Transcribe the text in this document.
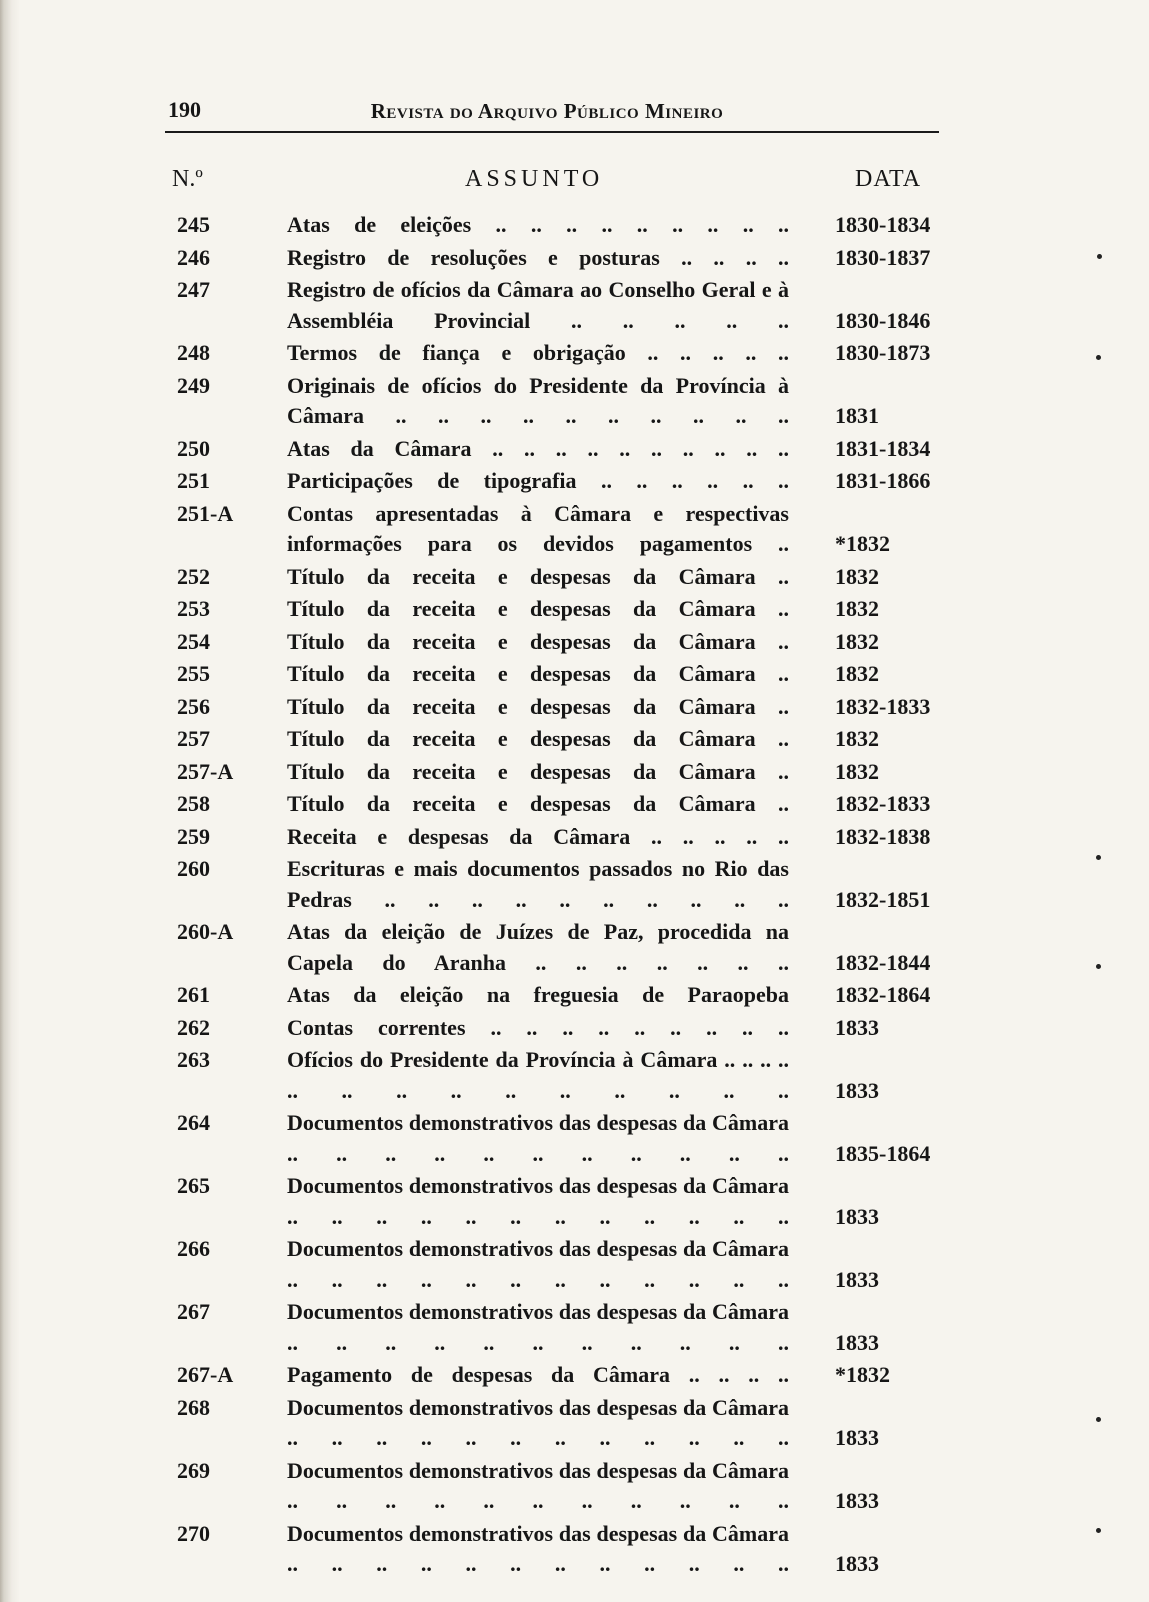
190	Revista do Arquivo Público Mineiro
N.º	ASSUNTO	DATA
245	Atas de eleições .. .. .. .. .. .. .. .. .. 1830-1834
246	Registro de resoluções e posturas .. .. .. .. 1830-1837
247	Registro de ofícios da Câmara ao Conselho Geral e à Assembléia Provincial .. .. .. .. .. 1830-1846
248	Termos de fiança e obrigação .. .. .. .. .. 1830-1873
249	Originais de ofícios do Presidente da Província à Câmara .. .. .. .. .. .. .. .. .. .. 1831
250	Atas da Câmara .. .. .. .. .. .. .. .. .. .. 1831-1834
251	Participações de tipografia .. .. .. .. .. .. 1831-1866
251-A Contas apresentadas à Câmara e respectivas informações para os devidos pagamentos .. *1832
252	Título da receita e despesas da Câmara .. 1832
253	Título da receita e despesas da Câmara .. 1832
254	Título da receita e despesas da Câmara .. 1832
255	Título da receita e despesas da Câmara .. 1832
256	Título da receita e despesas da Câmara .. 1832-1833
257	Título da receita e despesas da Câmara .. 1832
257-A Título da receita e despesas da Câmara .. 1832
258	Título da receita e despesas da Câmara .. 1832-1833
259	Receita e despesas da Câmara .. .. .. .. .. 1832-1838
260	Escrituras e mais documentos passados no Rio das Pedras .. .. .. .. .. .. .. .. .. .. 1832-1851
260-A Atas da eleição de Juízes de Paz, procedida na Capela do Aranha .. .. .. .. .. .. .. 1832-1844
261	Atas da eleição na freguesia de Paraopeba 1832-1864
262	Contas correntes .. .. .. .. .. .. .. .. .. 1833
263	Ofícios do Presidente da Província à Câmara .. .. .. .. .. .. .. .. .. .. .. .. .. .. 1833
264	Documentos demonstrativos das despesas da Câmara .. .. .. .. .. .. .. .. .. .. .. 1835-1864
265	Documentos demonstrativos das despesas da Câmara .. .. .. .. .. .. .. .. .. .. .. .. 1833
266	Documentos demonstrativos das despesas da Câmara .. .. .. .. .. .. .. .. .. .. .. .. 1833
267	Documentos demonstrativos das despesas da Câmara .. .. .. .. .. .. .. .. .. .. .. 1833
267-A Pagamento de despesas da Câmara .. .. .. .. *1832
268	Documentos demonstrativos das despesas da Câmara .. .. .. .. .. .. .. .. .. .. .. .. 1833
269	Documentos demonstrativos das despesas da Câmara .. .. .. .. .. .. .. .. .. .. .. 1833
270	Documentos demonstrativos das despesas da Câmara .. .. .. .. .. .. .. .. .. .. .. .. 1833
